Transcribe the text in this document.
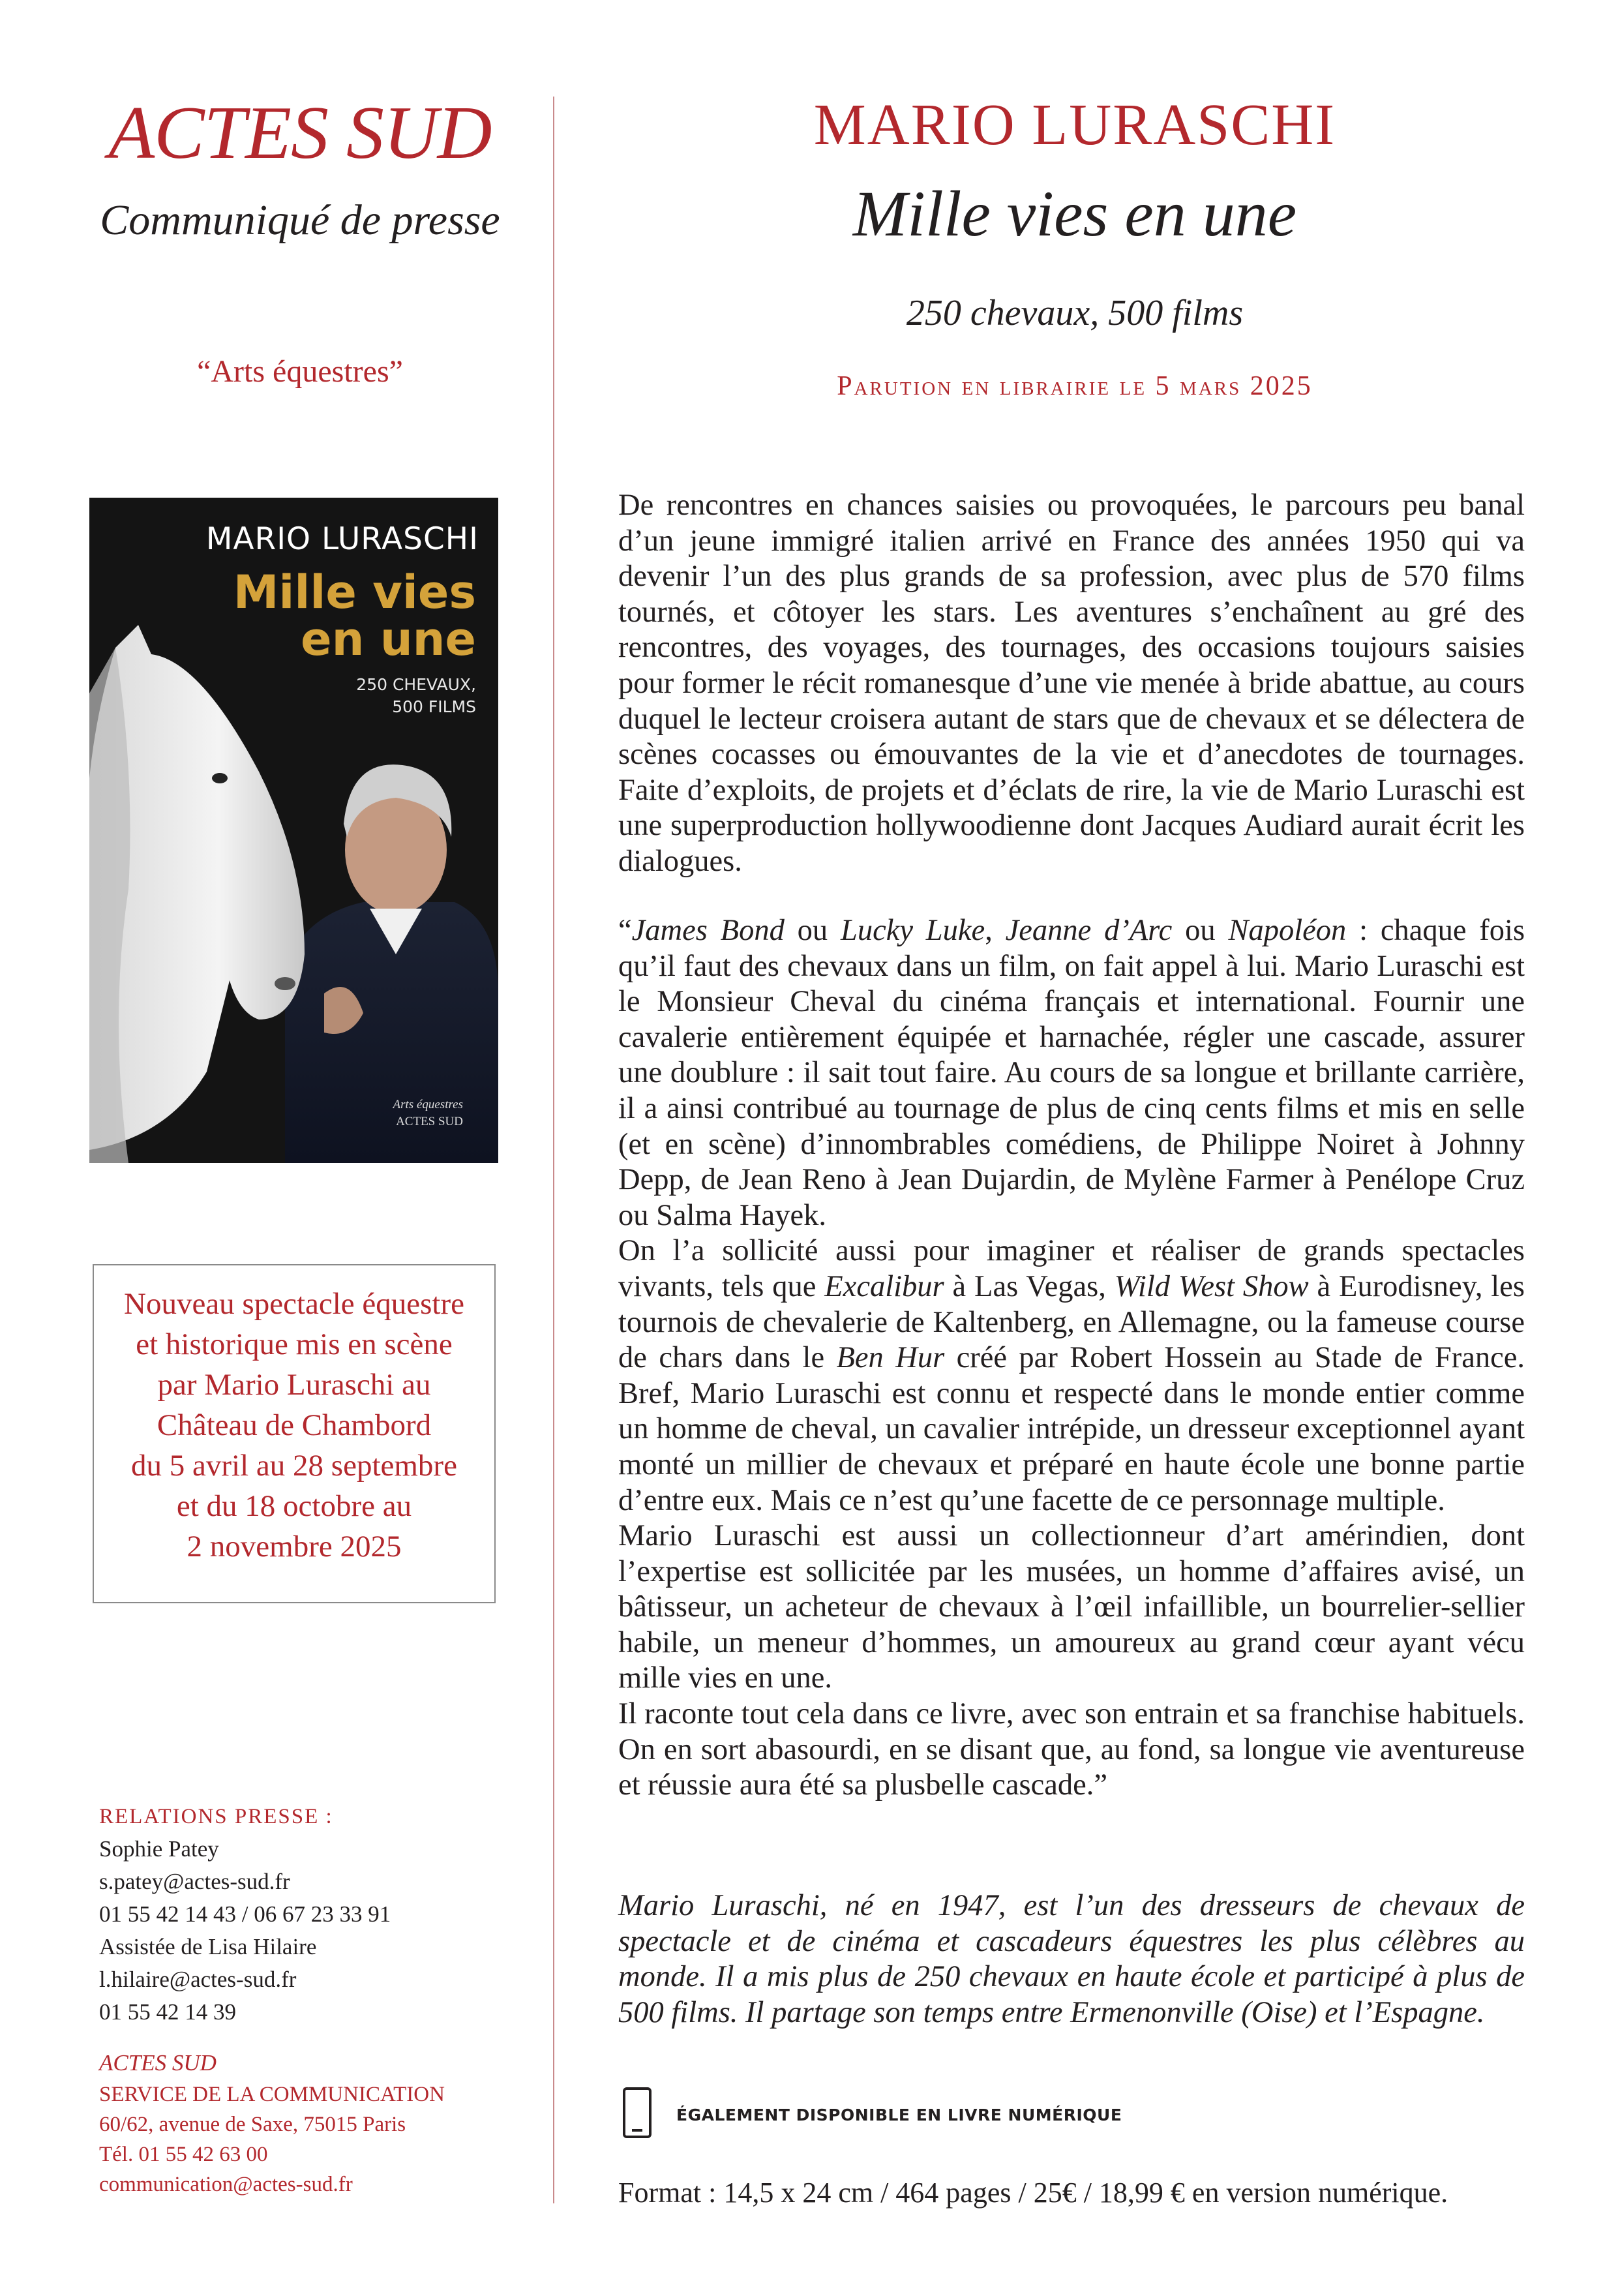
ACTES SUD
Communiqué de presse
“Arts équestres”
MARIO LURASCHI
Mille vies
en une
250 CHEVAUX,
500 FILMS
Arts équestres
ACTES SUD
Nouveau spectacle équestre
et historique mis en scène
par Mario Luraschi au
Château de Chambord
du 5 avril au 28 septembre
et du 18 octobre au
2 novembre 2025
RELATIONS PRESSE :
Sophie Patey
s.patey@actes-sud.fr
01 55 42 14 43 / 06 67 23 33 91
Assistée de Lisa Hilaire
l.hilaire@actes-sud.fr
01 55 42 14 39
ACTES SUD
SERVICE DE LA COMMUNICATION
60/62, avenue de Saxe, 75015 Paris
Tél. 01 55 42 63 00
communication@actes-sud.fr
MARIO LURASCHI
Mille vies en une
250 chevaux, 500 films
Parution en librairie le 5 mars 2025

De rencontres en chances saisies ou provoquées, le parcours peu banal d’un jeune immigré italien arrivé en France des années 1950 qui va devenir l’un des plus grands de sa profession, avec plus de 570 films tournés, et côtoyer les stars. Les aventures s’enchaînent au gré des rencontres, des voyages, des tournages, des occasions toujours saisies pour former le récit romanesque d’une vie menée à bride abattue, au cours duquel le lecteur croisera autant de stars que de chevaux et se délectera de scènes cocasses ou émouvantes de la vie et d’anecdotes de tournages. Faite d’exploits, de projets et d’éclats de rire, la vie de Mario Luraschi est une superproduction hollywoodienne dont Jacques Audiard aurait écrit les dialogues.

“James Bond ou Lucky Luke, Jeanne d’Arc ou Napoléon : chaque fois qu’il faut des chevaux dans un film, on fait appel à lui. Mario Luraschi est le Monsieur Cheval du cinéma français et international. Fournir une cavalerie entièrement équipée et harnachée, régler une cascade, assurer une doublure : il sait tout faire. Au cours de sa longue et brillante carrière, il a ainsi contribué au tournage de plus de cinq cents films et mis en selle (et en scène) d’innombrables comédiens, de Philippe Noiret à Johnny Depp, de Jean Reno à Jean Dujardin, de Mylène Farmer à Penélope Cruz ou Salma Hayek.

On l’a sollicité aussi pour imaginer et réaliser de grands spectacles vivants, tels que Excalibur à Las Vegas, Wild West Show à Eurodisney, les tournois de chevalerie de Kaltenberg, en Allemagne, ou la fameuse course de chars dans le Ben Hur créé par Robert Hossein au Stade de France. Bref, Mario Luraschi est connu et respecté dans le monde entier comme un homme de cheval, un cavalier intrépide, un dresseur exceptionnel ayant monté un millier de chevaux et préparé en haute école une bonne partie d’entre eux. Mais ce n’est qu’une facette de ce personnage multiple.

Mario Luraschi est aussi un collectionneur d’art amérindien, dont l’expertise est sollicitée par les musées, un homme d’affaires avisé, un bâtisseur, un acheteur de chevaux à l’œil infaillible, un bourrelier-sellier habile, un meneur d’hommes, un amoureux au grand cœur ayant vécu mille vies en une.

Il raconte tout cela dans ce livre, avec son entrain et sa franchise habituels. On en sort abasourdi, en se disant que, au fond, sa longue vie aventureuse et réussie aura été sa plusbelle cascade.”

Mario Luraschi, né en 1947, est l’un des dresseurs de chevaux de spectacle et de cinéma et cascadeurs équestres les plus célèbres au monde. Il a mis plus de 250 chevaux en haute école et participé à plus de 500 films. Il partage son temps entre Ermenonville (Oise) et l’Espagne.

ÉGALEMENT DISPONIBLE EN LIVRE NUMÉRIQUE
Format : 14,5 x 24 cm / 464 pages / 25€ / 18,99 € en version numérique.
